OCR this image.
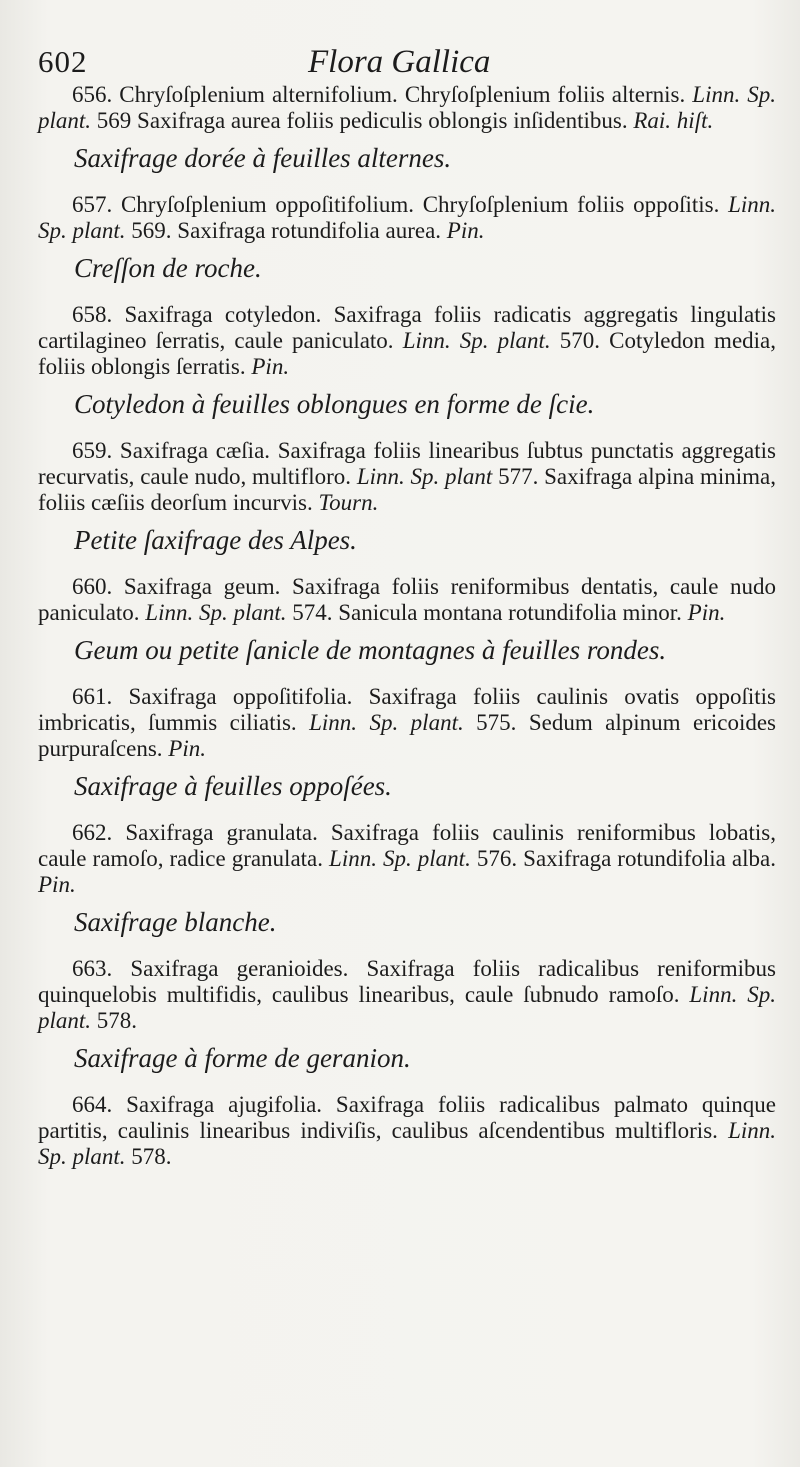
602	Flora Gallica

656. Chryſoſplenium alternifolium. Chryſoſplenium foliis alternis. Linn. Sp. plant. 569 Saxifraga aurea foliis pediculis oblongis inſidentibus. Rai. hiſt.

Saxifrage dorée à feuilles alternes.

657. Chryſoſplenium oppoſitifolium. Chryſoſplenium foliis oppoſitis. Linn. Sp. plant. 569. Saxifraga rotundifolia aurea. Pin.

Creſſon de roche.

658. Saxifraga cotyledon. Saxifraga foliis radicatis aggregatis lingulatis cartilagineo ſerratis, caule paniculato. Linn. Sp. plant. 570. Cotyledon media, foliis oblongis ſerratis. Pin.

Cotyledon à feuilles oblongues en forme de ſcie.

659. Saxifraga cæſia. Saxifraga foliis linearibus ſubtus punctatis aggregatis recurvatis, caule nudo, multifloro. Linn. Sp. plant 577. Saxifraga alpina minima, foliis cæſiis deorſum incurvis. Tourn.

Petite ſaxifrage des Alpes.

660. Saxifraga geum. Saxifraga foliis reniformibus dentatis, caule nudo paniculato. Linn. Sp. plant. 574. Sanicula montana rotundifolia minor. Pin.

Geum ou petite ſanicle de montagnes à feuilles rondes.

661. Saxifraga oppoſitifolia. Saxifraga foliis caulinis ovatis oppoſitis imbricatis, ſummis ciliatis. Linn. Sp. plant. 575. Sedum alpinum ericoides purpuraſcens. Pin.

Saxifrage à feuilles oppoſées.

662. Saxifraga granulata. Saxifraga foliis caulinis reniformibus lobatis, caule ramoſo, radice granulata. Linn. Sp. plant. 576. Saxifraga rotundifolia alba. Pin.

Saxifrage blanche.

663. Saxifraga geranioides. Saxifraga foliis radicalibus reniformibus quinquelobis multifidis, caulibus linearibus, caule ſubnudo ramoſo. Linn. Sp. plant. 578.

Saxifrage à forme de geranion.

664. Saxifraga ajugifolia. Saxifraga foliis radicalibus palmato quinque partitis, caulinis linearibus indiviſis, caulibus aſcendentibus multifloris. Linn. Sp. plant. 578.
